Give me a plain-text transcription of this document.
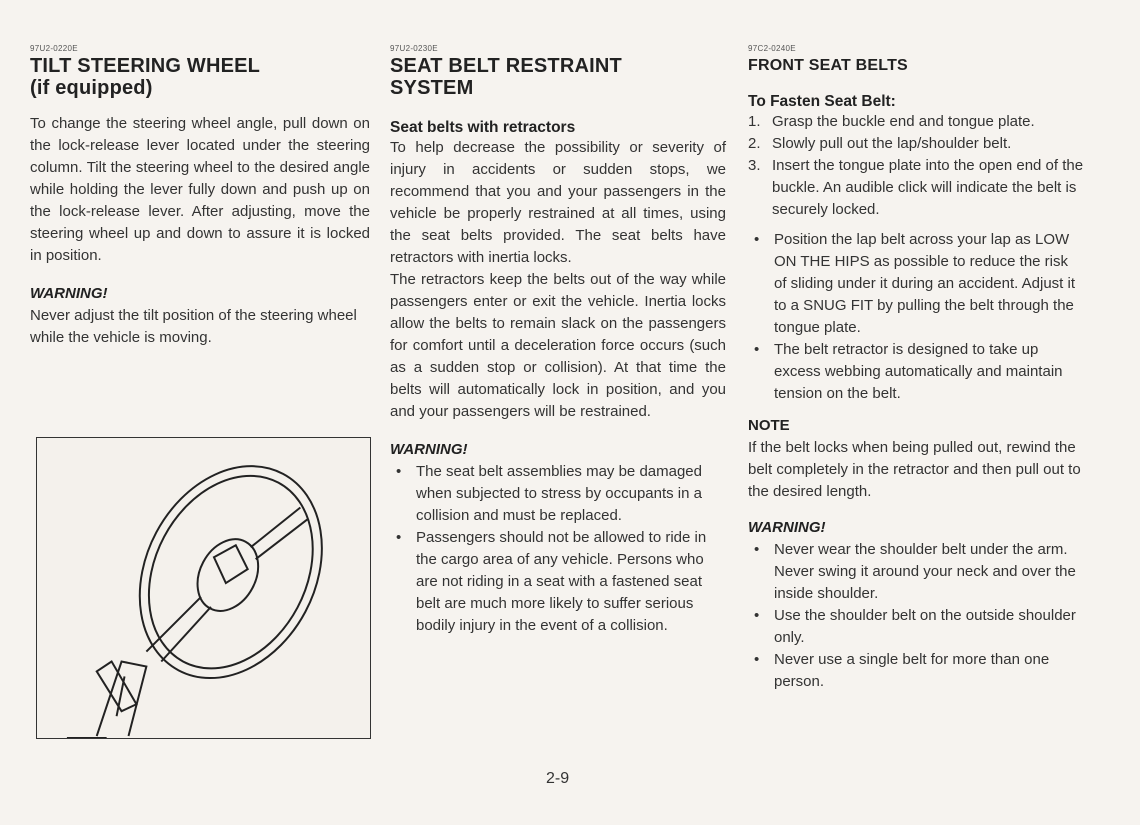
97U2-0220E
TILT STEERING WHEEL
(if equipped)

To change the steering wheel angle, pull down on the lock-release lever located under the steering column. Tilt the steering wheel to the desired angle while holding the lever fully down and push up on the lock-release lever. After adjusting, move the steering wheel up and down to assure it is locked in position.

WARNING!

Never adjust the tilt position of the steering wheel while the vehicle is moving.

97U2-0230E
SEAT BELT RESTRAINT
SYSTEM
Seat belts with retractors

To help decrease the possibility or severity of injury in accidents or sudden stops, we recommend that you and your passengers in the vehicle be properly restrained at all times, using the seat belts provided. The seat belts have retractors with inertia locks.

The retractors keep the belts out of the way while passengers enter or exit the vehicle. Inertia locks allow the belts to remain slack on the passengers for comfort until a deceleration force occurs (such as a sudden stop or collision). At that time the belts will automatically lock in position, and you and your passengers will be restrained.

WARNING!

• The seat belt assemblies may be damaged when subjected to stress by occupants in a collision and must be replaced.
• Passengers should not be allowed to ride in the cargo area of any vehicle. Persons who are not riding in a seat with a fastened seat belt are much more likely to suffer serious bodily injury in the event of a collision.
97C2-0240E
FRONT SEAT BELTS
To Fasten Seat Belt:
1. Grasp the buckle end and tongue plate.
2. Slowly pull out the lap/shoulder belt.
3. Insert the tongue plate into the open end of the buckle. An audible click will indicate the belt is securely locked.
• Position the lap belt across your lap as LOW ON THE HIPS as possible to reduce the risk of sliding under it during an accident. Adjust it to a SNUG FIT by pulling the belt through the tongue plate.
• The belt retractor is designed to take up excess webbing automatically and maintain tension on the belt.

NOTE

If the belt locks when being pulled out, rewind the belt completely in the retractor and then pull out to the desired length.

WARNING!

• Never wear the shoulder belt under the arm. Never swing it around your neck and over the inside shoulder.
• Use the shoulder belt on the outside shoulder only.
• Never use a single belt for more than one person.
2-9
